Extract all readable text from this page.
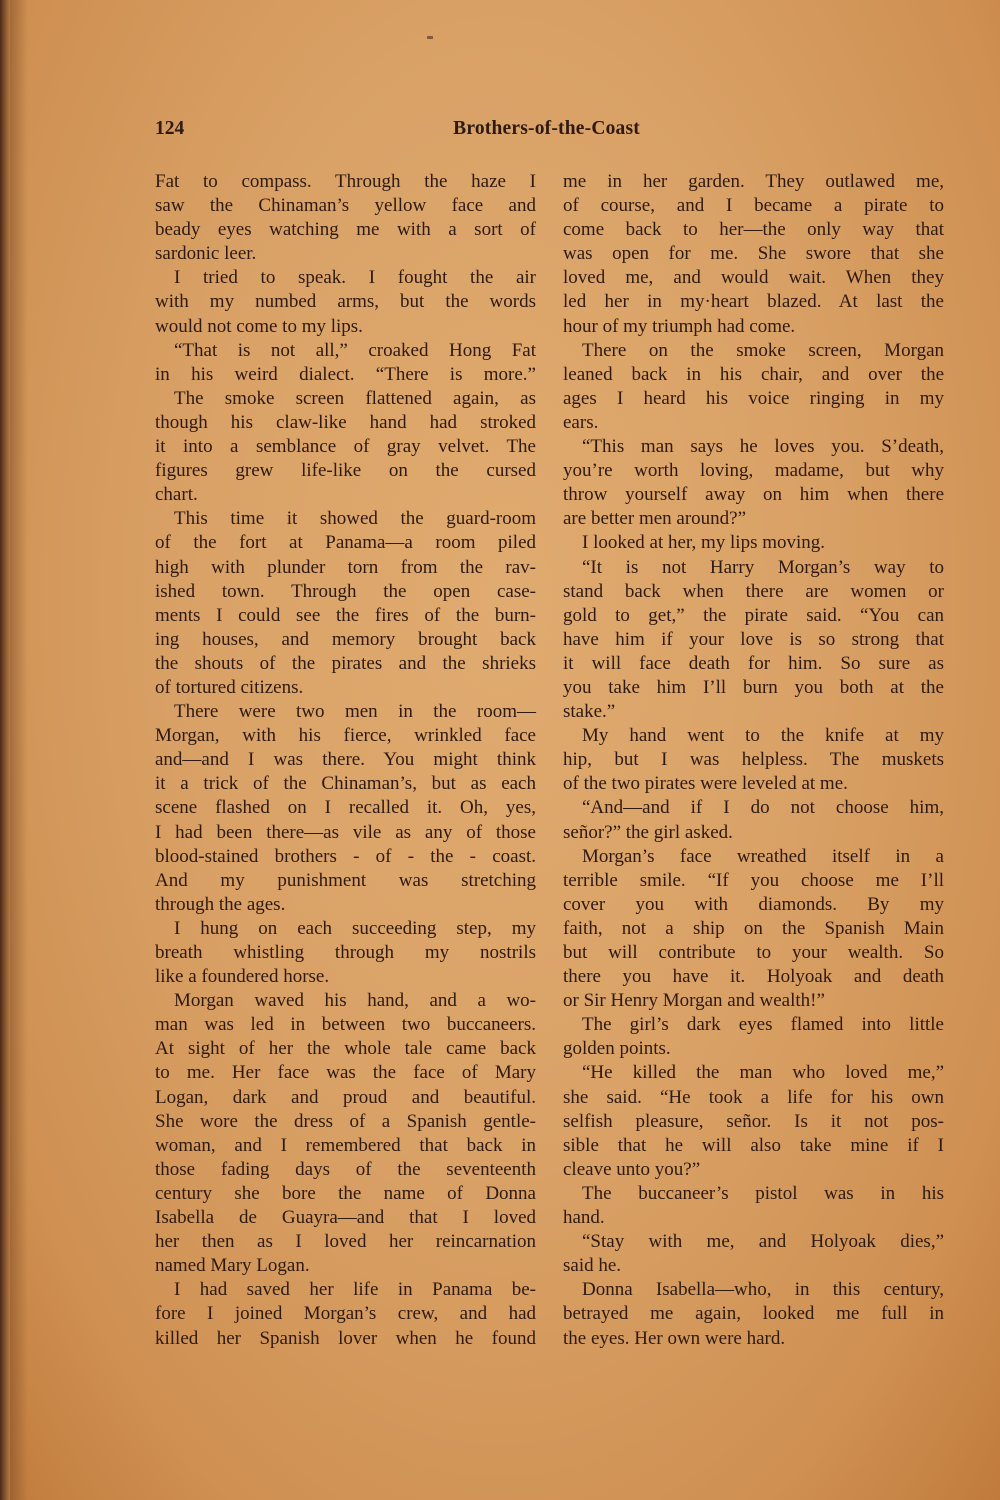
124	Brothers-of-the-Coast
Fat to compass. Through the haze I
saw the Chinaman’s yellow face and
beady eyes watching me with a sort of
sardonic leer.
I tried to speak. I fought the air
with my numbed arms, but the words
would not come to my lips.
“That is not all,” croaked Hong Fat
in his weird dialect. “There is more.”
The smoke screen flattened again, as
though his claw-like hand had stroked
it into a semblance of gray velvet. The
figures grew life-like on the cursed
chart.
This time it showed the guard-room
of the fort at Panama—a room piled
high with plunder torn from the rav-
ished town. Through the open case-
ments I could see the fires of the burn-
ing houses, and memory brought back
the shouts of the pirates and the shrieks
of tortured citizens.
There were two men in the room—
Morgan, with his fierce, wrinkled face
and—and I was there. You might think
it a trick of the Chinaman’s, but as each
scene flashed on I recalled it. Oh, yes,
I had been there—as vile as any of those
blood-stained brothers - of - the - coast.
And my punishment was stretching
through the ages.
I hung on each succeeding step, my
breath whistling through my nostrils
like a foundered horse.
Morgan waved his hand, and a wo-
man was led in between two buccaneers.
At sight of her the whole tale came back
to me. Her face was the face of Mary
Logan, dark and proud and beautiful.
She wore the dress of a Spanish gentle-
woman, and I remembered that back in
those fading days of the seventeenth
century she bore the name of Donna
Isabella de Guayra—and that I loved
her then as I loved her reincarnation
named Mary Logan.
I had saved her life in Panama be-
fore I joined Morgan’s crew, and had
killed her Spanish lover when he found
me in her garden. They outlawed me,
of course, and I became a pirate to
come back to her—the only way that
was open for me. She swore that she
loved me, and would wait. When they
led her in my·heart blazed. At last the
hour of my triumph had come.
There on the smoke screen, Morgan
leaned back in his chair, and over the
ages I heard his voice ringing in my
ears.
“This man says he loves you. S’death,
you’re worth loving, madame, but why
throw yourself away on him when there
are better men around?”
I looked at her, my lips moving.
“It is not Harry Morgan’s way to
stand back when there are women or
gold to get,” the pirate said. “You can
have him if your love is so strong that
it will face death for him. So sure as
you take him I’ll burn you both at the
stake.”
My hand went to the knife at my
hip, but I was helpless. The muskets
of the two pirates were leveled at me.
“And—and if I do not choose him,
señor?” the girl asked.
Morgan’s face wreathed itself in a
terrible smile. “If you choose me I’ll
cover you with diamonds. By my
faith, not a ship on the Spanish Main
but will contribute to your wealth. So
there you have it. Holyoak and death
or Sir Henry Morgan and wealth!”
The girl’s dark eyes flamed into little
golden points.
“He killed the man who loved me,”
she said. “He took a life for his own
selfish pleasure, señor. Is it not pos-
sible that he will also take mine if I
cleave unto you?”
The buccaneer’s pistol was in his
hand.
“Stay with me, and Holyoak dies,”
said he.
Donna Isabella—who, in this century,
betrayed me again, looked me full in
the eyes. Her own were hard.
